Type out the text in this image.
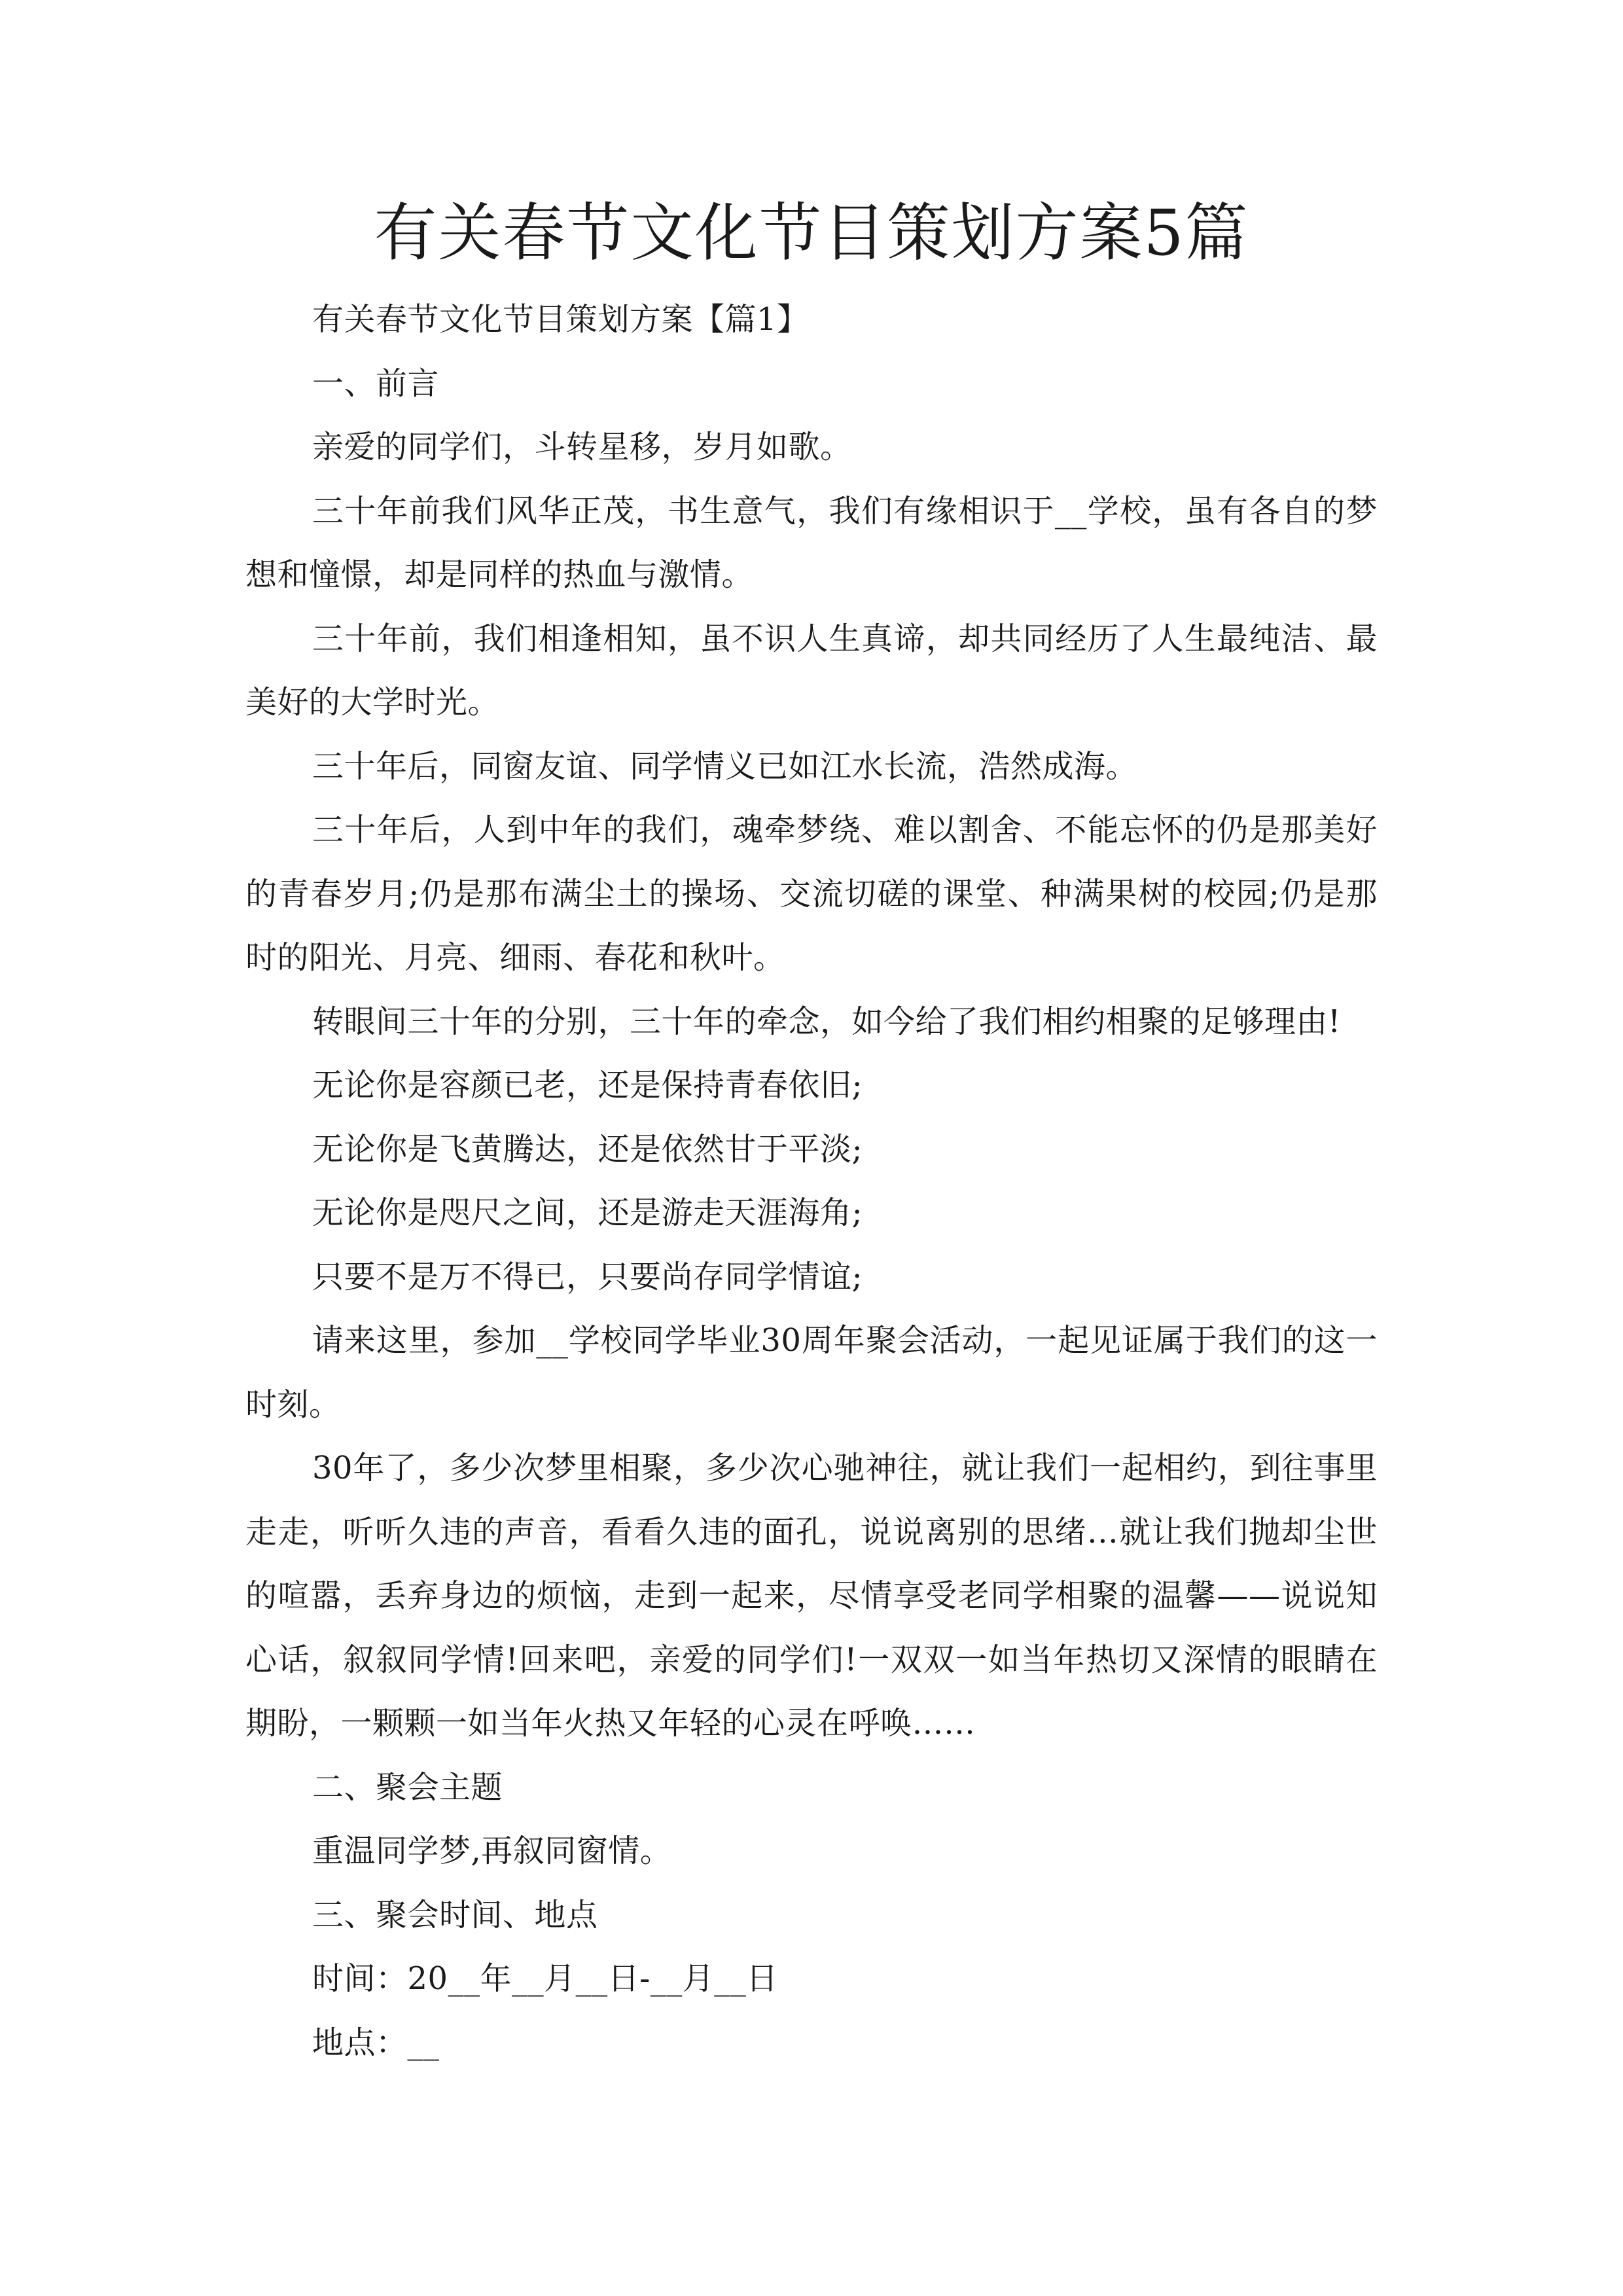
有关春节文化节目策划方案5篇

有关春节文化节目策划方案【篇1】

一、前言

亲爱的同学们，斗转星移，岁月如歌。

三十年前我们风华正茂，书生意气，我们有缘相识于__学校，虽有各自的梦想和憧憬，却是同样的热血与激情。

三十年前，我们相逢相知，虽不识人生真谛，却共同经历了人生最纯洁、最美好的大学时光。

三十年后，同窗友谊、同学情义已如江水长流，浩然成海。

三十年后，人到中年的我们，魂牵梦绕、难以割舍、不能忘怀的仍是那美好的青春岁月;仍是那布满尘土的操场、交流切磋的课堂、种满果树的校园;仍是那时的阳光、月亮、细雨、春花和秋叶。

转眼间三十年的分别，三十年的牵念，如今给了我们相约相聚的足够理由!

无论你是容颜已老，还是保持青春依旧;

无论你是飞黄腾达，还是依然甘于平淡;

无论你是咫尺之间，还是游走天涯海角;

只要不是万不得已，只要尚存同学情谊;

请来这里，参加__学校同学毕业30周年聚会活动，一起见证属于我们的这一时刻。

30年了，多少次梦里相聚，多少次心驰神往，就让我们一起相约，到往事里走走，听听久违的声音，看看久违的面孔，说说离别的思绪…就让我们抛却尘世的喧嚣，丢弃身边的烦恼，走到一起来，尽情享受老同学相聚的温馨——说说知心话，叙叙同学情!回来吧，亲爱的同学们!一双双一如当年热切又深情的眼睛在期盼，一颗颗一如当年火热又年轻的心灵在呼唤……

二、聚会主题

重温同学梦,再叙同窗情。

三、聚会时间、地点

时间：20__年__月__日-__月__日

地点：__
